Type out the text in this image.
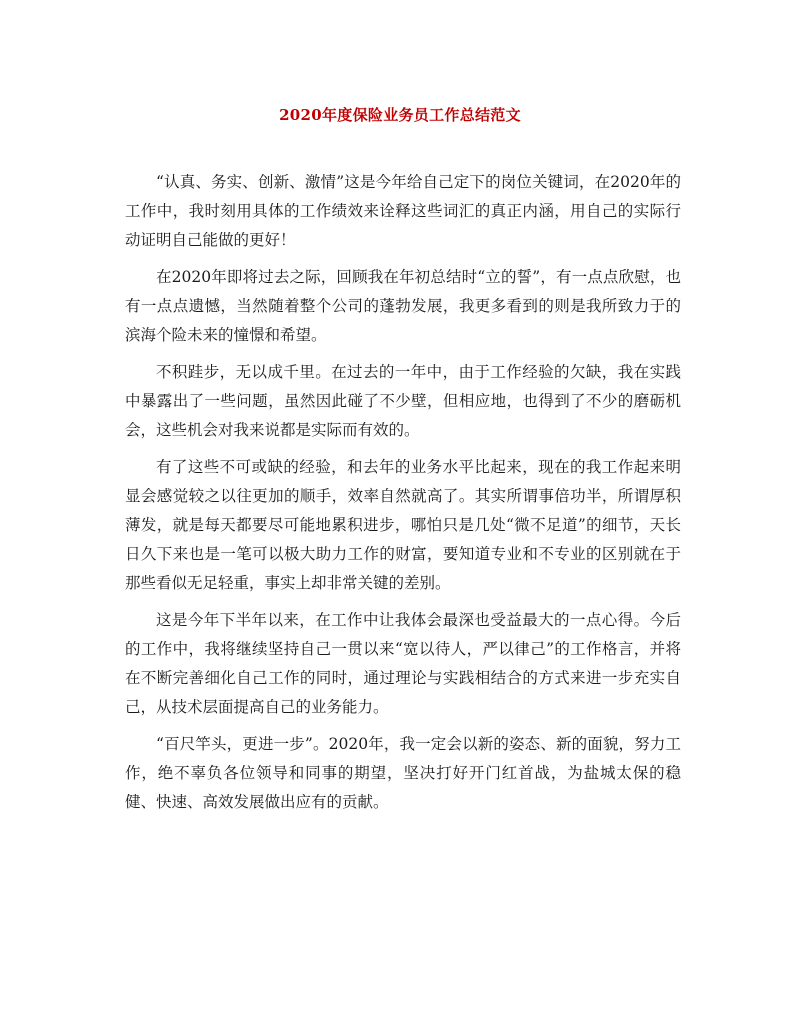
2020年度保险业务员工作总结范文

“认真、务实、创新、激情”这是今年给自己定下的岗位关键词，在2020年的工作中，我时刻用具体的工作绩效来诠释这些词汇的真正内涵，用自己的实际行动证明自己能做的更好！

在2020年即将过去之际，回顾我在年初总结时“立的誓”，有一点点欣慰，也有一点点遗憾，当然随着整个公司的蓬勃发展，我更多看到的则是我所致力于的滨海个险未来的憧憬和希望。

不积跬步，无以成千里。在过去的一年中，由于工作经验的欠缺，我在实践中暴露出了一些问题，虽然因此碰了不少壁，但相应地，也得到了不少的磨砺机会，这些机会对我来说都是实际而有效的。

有了这些不可或缺的经验，和去年的业务水平比起来，现在的我工作起来明显会感觉较之以往更加的顺手，效率自然就高了。其实所谓事倍功半，所谓厚积薄发，就是每天都要尽可能地累积进步，哪怕只是几处“微不足道”的细节，天长日久下来也是一笔可以极大助力工作的财富，要知道专业和不专业的区别就在于那些看似无足轻重，事实上却非常关键的差别。

这是今年下半年以来，在工作中让我体会最深也受益最大的一点心得。今后的工作中，我将继续坚持自己一贯以来“宽以待人，严以律己”的工作格言，并将在不断完善细化自己工作的同时，通过理论与实践相结合的方式来进一步充实自己，从技术层面提高自己的业务能力。

“百尺竿头，更进一步”。2020年，我一定会以新的姿态、新的面貌，努力工作，绝不辜负各位领导和同事的期望，坚决打好开门红首战，为盐城太保的稳健、快速、高效发展做出应有的贡献。
